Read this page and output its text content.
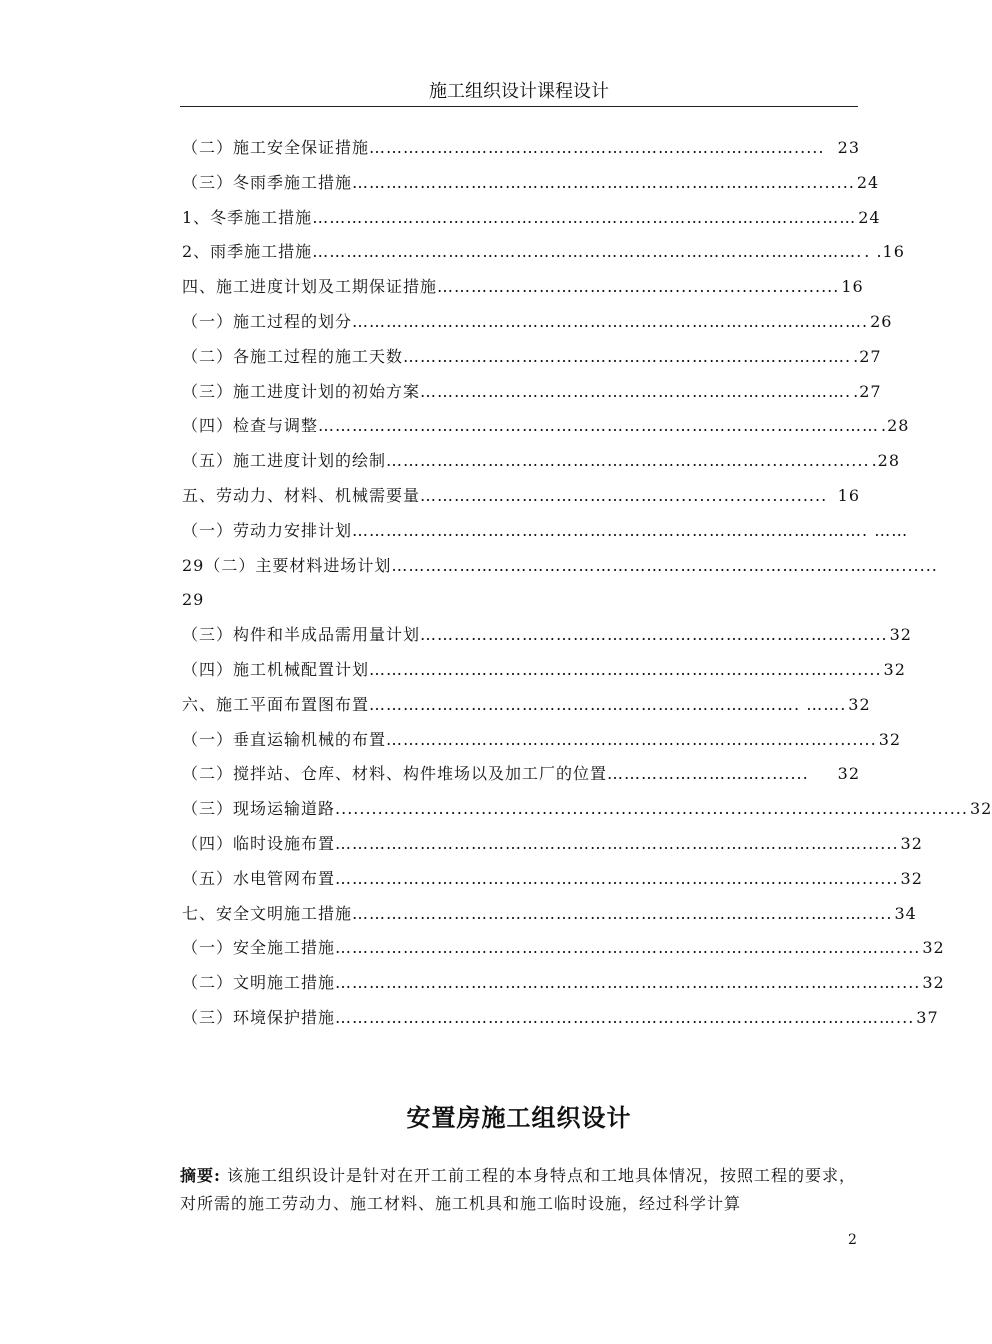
施工组织设计课程设计
（二）施工安全保证措施 …………………………………………………………………..... 23
（三）冬雨季施工措施 …………………………………………………………………….......... 24
1、冬季施工措施 …………………………………………………………………………………… 24
2、雨季施工措施 ……………………………………………………………………………………. . .16
四、施工进度计划及工期保证措施 ……………………………………........................... 16
（一）施工过程的划分 ………………………………………………………………………………. 26
（二）各施工过程的施工天数 ……………………………………………………………………. .27
（三）施工进度计划的初始方案 …………………………………………………………………. .27
（四）检查与调整 ……………………………………………………………………………………… .28
（五）施工进度计划的绘制 ………………………………………………………….................. .28
五、劳动力、材料、机械需要量 ………………………………………......................... 16
（一）劳动力安排计划 ………………………………………………………………………………. ……
29（二）主要材料进场计划 ………………………………………………………………………………......
29
（三）构件和半成品需用量计划 …………………………………………………………………....... 32
（四）施工机械配置计划 …………………………………………………………………………...... 32
六、施工平面布置图布置 …………………………………………………………………. ……. 32
（一）垂直运输机械的布置 ……………………………………………………………………........ 32
（二）搅拌站、仓库、材料、构件堆场以及加工厂的位置 ………………………........	32
（三）现场运输道路 ........................................................................................................ 32
（四）临时设施布置 …………………………………………………………………………………...... 32
（五）水电管网布置 …………………………………………………………………………………...... 32
七、安全文明施工措施 ………………………………………………………………………………..... 34
（一）安全施工措施 ……………………………………………………………………………………….... 32
（二）文明施工措施 ……………………………………………………………………………………….... 32
（三）环境保护措施 ………………………………………………………………………………………... 37
安置房施工组织设计
摘要: 该施工组织设计是针对在开工前工程的本身特点和工地具体情况，按照工程的要求，对所需的施工劳动力、施工材料、施工机具和施工临时设施，经过科学计算
2
